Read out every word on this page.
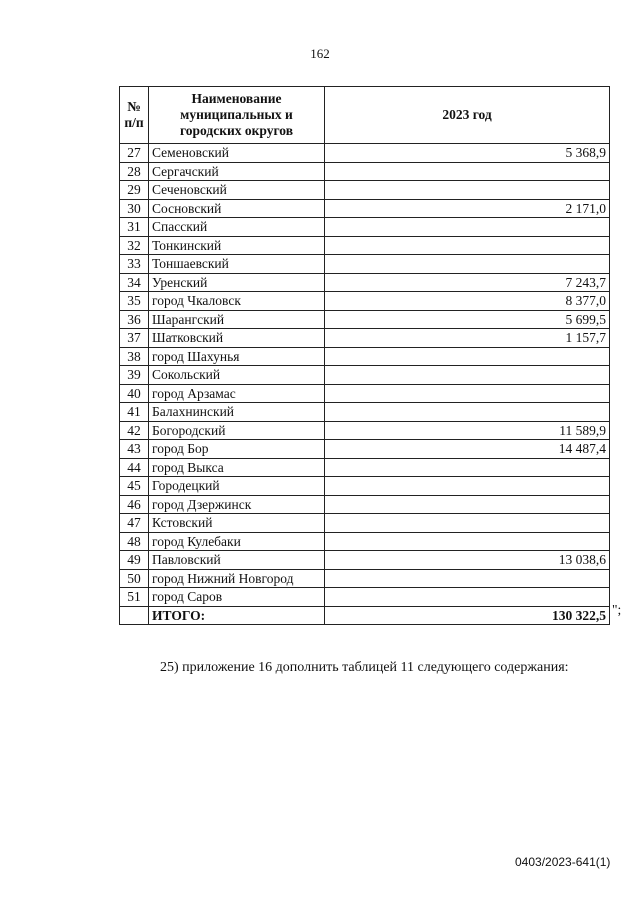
162
№ п/п	Наименование муниципальных и городских округов	2023 год
27	Семеновский	5 368,9
28	Сергачский	
29	Сеченовский	
30	Сосновский	2 171,0
31	Спасский	
32	Тонкинский	
33	Тоншаевский	
34	Уренский	7 243,7
35	город Чкаловск	8 377,0
36	Шарангский	5 699,5
37	Шатковский	1 157,7
38	город Шахунья	
39	Сокольский	
40	город Арзамас	
41	Балахнинский	
42	Богородский	11 589,9
43	город Бор	14 487,4
44	город Выкса	
45	Городецкий	
46	город Дзержинск	
47	Кстовский	
48	город Кулебаки	
49	Павловский	13 038,6
50	город Нижний Новгород	
51	город Саров	
	ИТОГО:	130 322,5 ";
25) приложение 16 дополнить таблицей 11 следующего содержания:
0403/2023-641(1)
